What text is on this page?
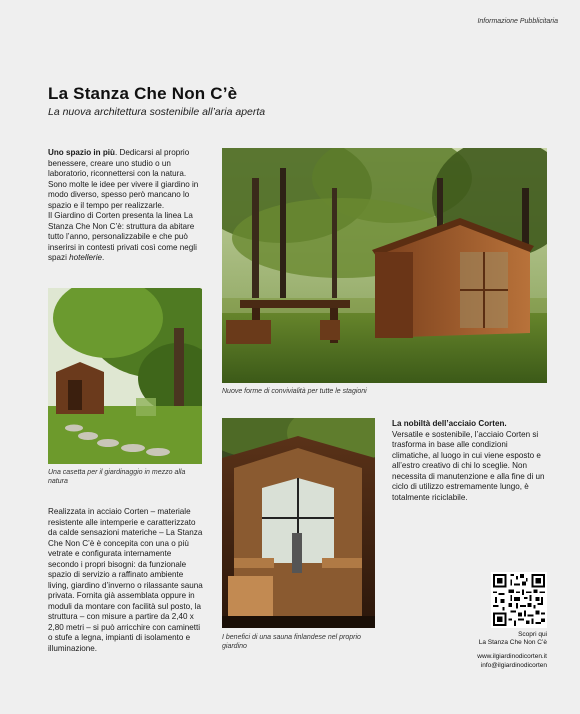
Informazione Pubblicitaria
La Stanza Che Non C’è
La nuova architettura sostenibile all’aria aperta
Uno spazio in più. Dedicarsi al proprio benessere, creare uno studio o un laboratorio, riconnettersi con la natura. Sono molte le idee per vivere il giardino in modo diverso, spesso però mancano lo spazio e il tempo per realizzarle.
Il Giardino di Corten presenta la linea La Stanza Che Non C’è: struttura da abitare tutto l’anno, personalizzabile e che può inserirsi in contesti privati così come negli spazi hotellerie.
Nuove forme di convivialità per tutte le stagioni
Una casetta per il giardinaggio in mezzo alla natura
I benefici di una sauna finlandese nel proprio giardino
Realizzata in acciaio Corten – materiale resistente alle intemperie e caratterizzato da calde sensazioni materiche – La Stanza Che Non C’è è concepita con una o più vetrate e configurata internamente secondo i propri bisogni: da funzionale spazio di servizio a raffinato ambiente living, giardino d’inverno o rilassante sauna privata. Fornita già assemblata oppure in moduli da montare con facilità sul posto, la struttura – con misure a partire da 2,40 x 2,80 metri – si può arricchire con caminetti o stufe a legna, impianti di isolamento e illuminazione.
La nobiltà dell’acciaio Corten.
Versatile e sostenibile, l’acciaio Corten si trasforma in base alle condizioni climatiche, al luogo in cui viene esposto e all’estro creativo di chi lo sceglie. Non necessita di manutenzione e alla fine di un ciclo di utilizzo estremamente lungo, è totalmente riciclabile.
Scopri qui
La Stanza Che Non C’è
www.ilgiardinodicorten.it
info@ilgiardinodicorten
